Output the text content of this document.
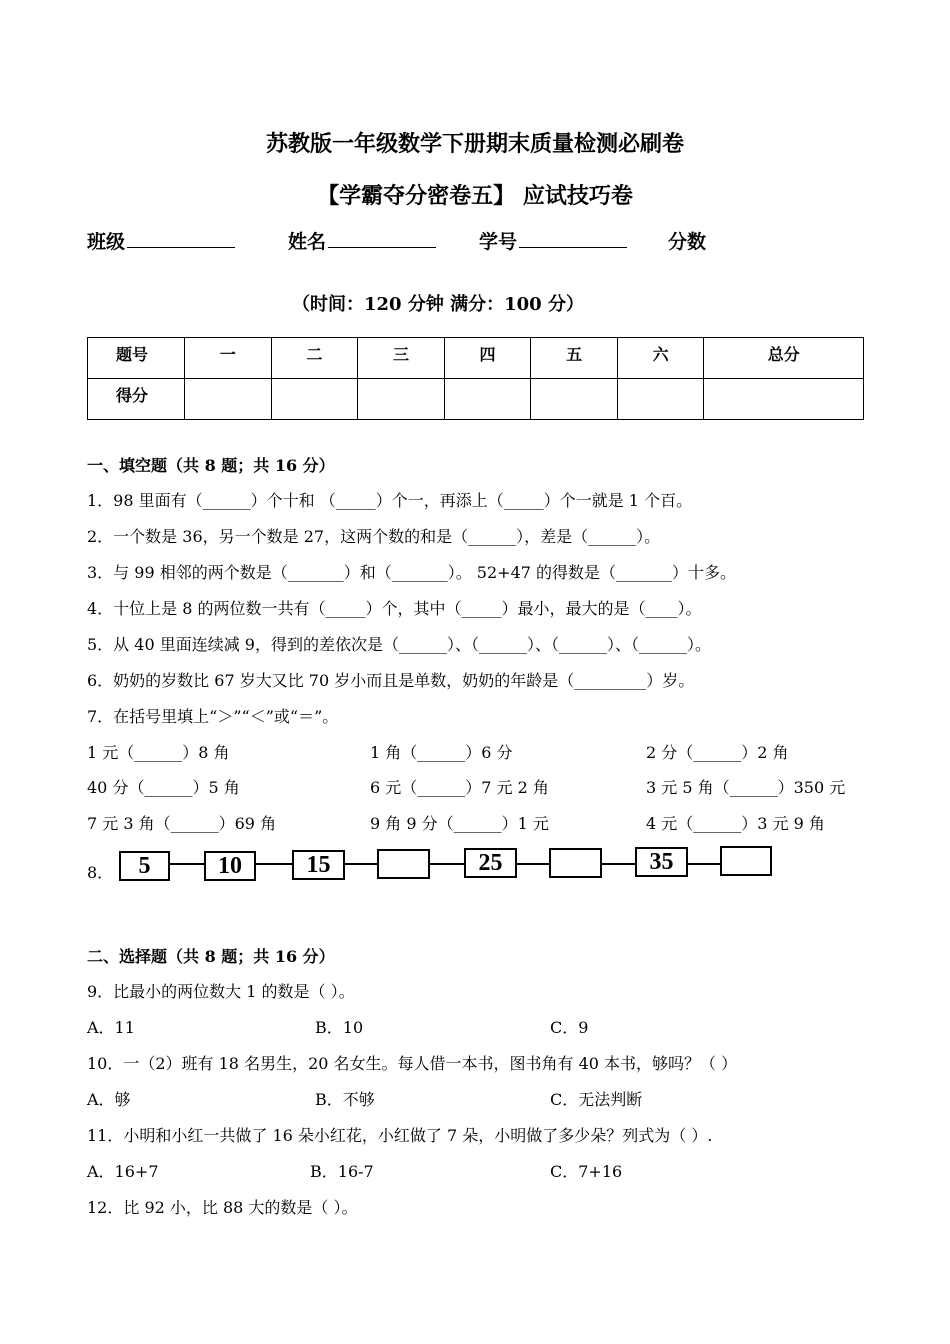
苏教版一年级数学下册期末质量检测必刷卷
【学霸夺分密卷五】 应试技巧卷
班级	姓名	学号	分数
（时间：120 分钟 满分：100 分）
题号	一	二	三	四	五	六	总分
得分							
一、填空题（共 8 题；共 16 分）
1．98 里面有（______）个十和 （_____）个一，再添上（_____）个一就是 1 个百。
2．一个数是 36，另一个数是 27，这两个数的和是（______），差是（______）。
3．与 99 相邻的两个数是（_______）和（_______）。 52+47 的得数是（_______）十多。
4．十位上是 8 的两位数一共有（_____）个，其中（_____）最小，最大的是（____）。
5．从 40 里面连续减 9，得到的差依次是（______）、（______）、（______）、（______）。
6．奶奶的岁数比 67 岁大又比 70 岁小而且是单数，奶奶的年龄是（_________）岁。
7．在括号里填上“＞”“＜”或“＝”。
1 元（______）8 角	1 角（______）6 分	2 分（______）2 角
40 分（______）5 角	6 元（______）7 元 2 角	3 元 5 角（______）350 元
7 元 3 角（______）69 角	9 角 9 分（______）1 元	4 元（______）3 元 9 角
8．	5	10	15	25	35
二、选择题（共 8 题；共 16 分）
9．比最小的两位数大 1 的数是（ ）。
A．11	B．10	C．9
10．一（2）班有 18 名男生，20 名女生。每人借一本书，图书角有 40 本书，够吗？（ ）
A．够	B．不够	C．无法判断
11．小明和小红一共做了 16 朵小红花，小红做了 7 朵，小明做了多少朵？列式为（ ）.
A．16+7	B．16-7	C．7+16
12．比 92 小，比 88 大的数是（ ）。
